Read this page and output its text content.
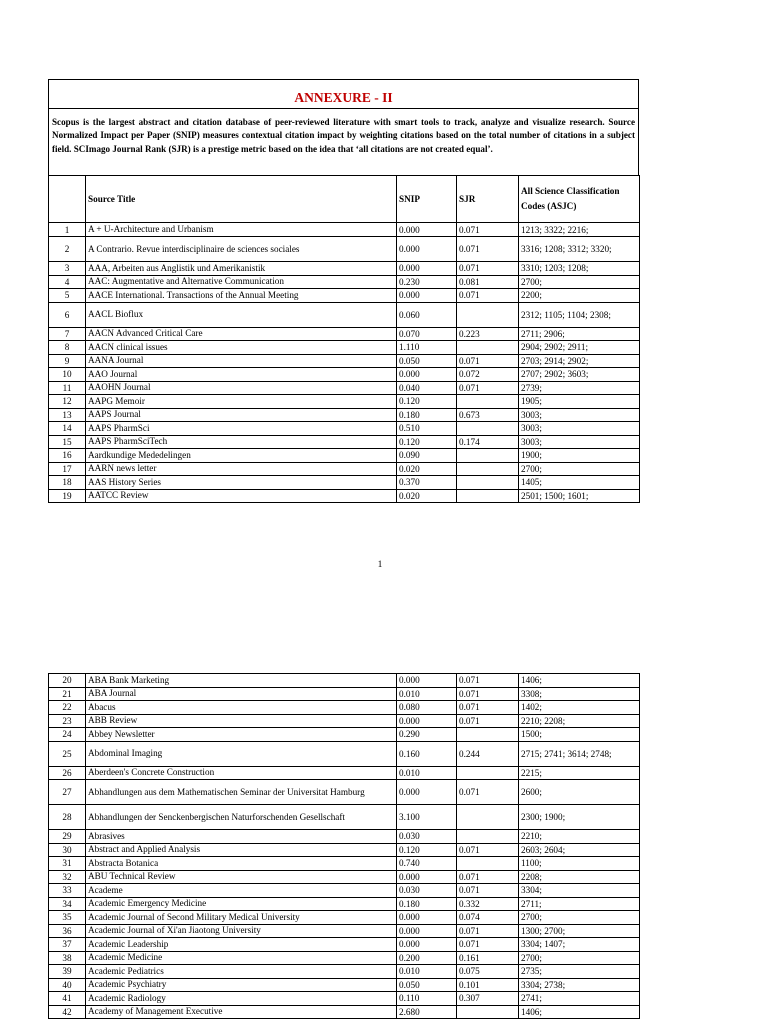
ANNEXURE - II
Scopus is the largest abstract and citation database of peer-reviewed literature with smart tools to track, analyze and visualize research. Source Normalized Impact per Paper (SNIP) measures contextual citation impact by weighting citations based on the total number of citations in a subject field. SCImago Journal Rank (SJR) is a prestige metric based on the idea that ‘all citations are not created equal’.
	Source Title	SNIP	SJR	All Science Classification Codes (ASJC)
1	A + U-Architecture and Urbanism	0.000	0.071	1213; 3322; 2216;
2	A Contrario. Revue interdisciplinaire de sciences sociales	0.000	0.071	3316; 1208; 3312; 3320;
3	AAA, Arbeiten aus Anglistik und Amerikanistik	0.000	0.071	3310; 1203; 1208;
4	AAC: Augmentative and Alternative Communication	0.230	0.081	2700;
5	AACE International. Transactions of the Annual Meeting	0.000	0.071	2200;
6	AACL Bioflux	0.060		2312; 1105; 1104; 2308;
7	AACN Advanced Critical Care	0.070	0.223	2711; 2906;
8	AACN clinical issues	1.110		2904; 2902; 2911;
9	AANA Journal	0.050	0.071	2703; 2914; 2902;
10	AAO Journal	0.000	0.072	2707; 2902; 3603;
11	AAOHN Journal	0.040	0.071	2739;
12	AAPG Memoir	0.120		1905;
13	AAPS Journal	0.180	0.673	3003;
14	AAPS PharmSci	0.510		3003;
15	AAPS PharmSciTech	0.120	0.174	3003;
16	Aardkundige Mededelingen	0.090		1900;
17	AARN news letter	0.020		2700;
18	AAS History Series	0.370		1405;
19	AATCC Review	0.020		2501; 1500; 1601;
1
20	ABA Bank Marketing	0.000	0.071	1406;
21	ABA Journal	0.010	0.071	3308;
22	Abacus	0.080	0.071	1402;
23	ABB Review	0.000	0.071	2210; 2208;
24	Abbey Newsletter	0.290		1500;
25	Abdominal Imaging	0.160	0.244	2715; 2741; 3614; 2748;
26	Aberdeen's Concrete Construction	0.010		2215;
27	Abhandlungen aus dem Mathematischen Seminar der Universitat Hamburg	0.000	0.071	2600;
28	Abhandlungen der Senckenbergischen Naturforschenden Gesellschaft	3.100		2300; 1900;
29	Abrasives	0.030		2210;
30	Abstract and Applied Analysis	0.120	0.071	2603; 2604;
31	Abstracta Botanica	0.740		1100;
32	ABU Technical Review	0.000	0.071	2208;
33	Academe	0.030	0.071	3304;
34	Academic Emergency Medicine	0.180	0.332	2711;
35	Academic Journal of Second Military Medical University	0.000	0.074	2700;
36	Academic Journal of Xi'an Jiaotong University	0.000	0.071	1300; 2700;
37	Academic Leadership	0.000	0.071	3304; 1407;
38	Academic Medicine	0.200	0.161	2700;
39	Academic Pediatrics	0.010	0.075	2735;
40	Academic Psychiatry	0.050	0.101	3304; 2738;
41	Academic Radiology	0.110	0.307	2741;
42	Academy of Management Executive	2.680		1406;
